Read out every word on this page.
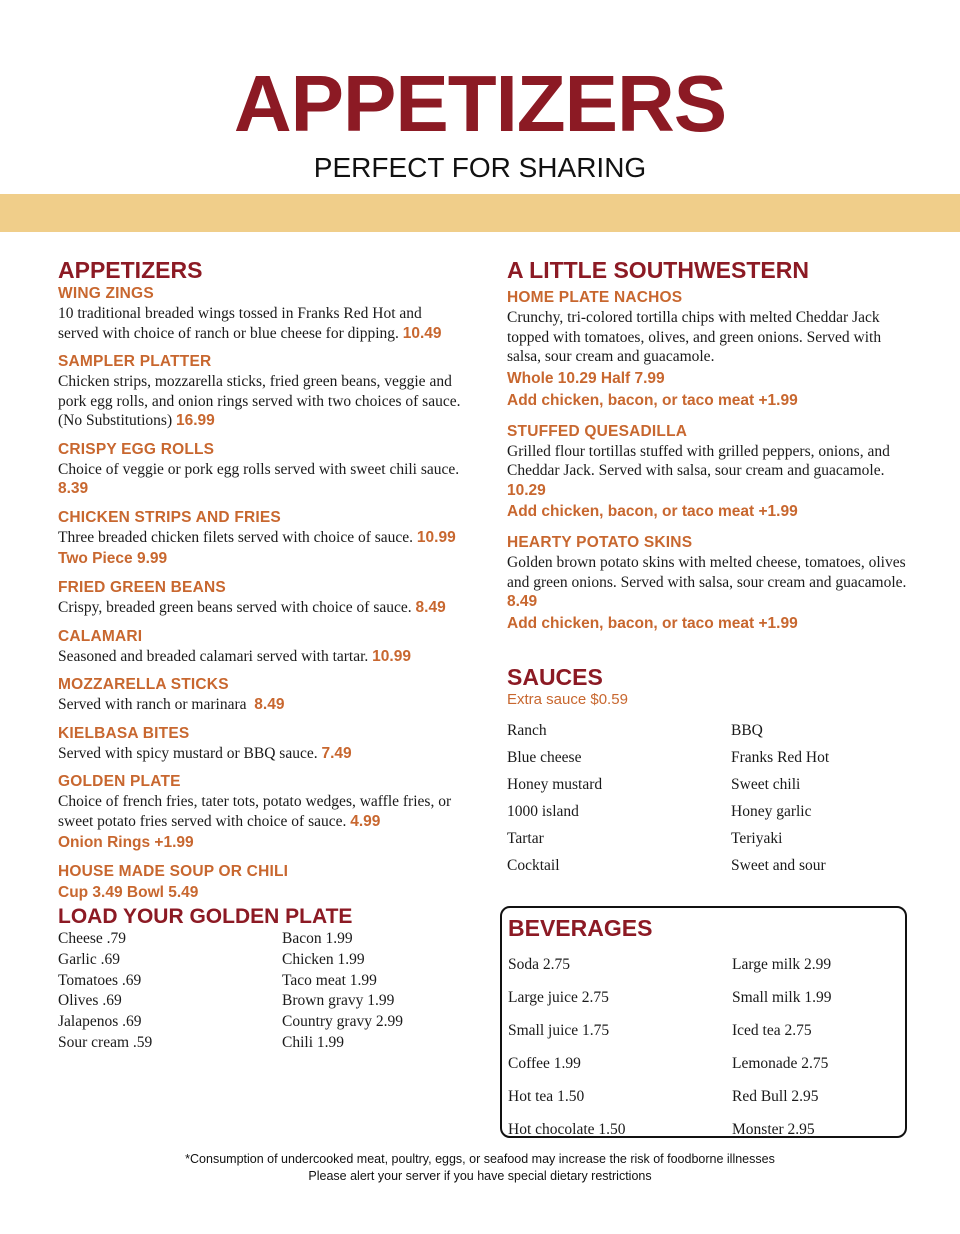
APPETIZERS
PERFECT FOR SHARING
APPETIZERS
WING ZINGS
10 traditional breaded wings tossed in Franks Red Hot and served with choice of ranch or blue cheese for dipping. 10.49
SAMPLER PLATTER
Chicken strips, mozzarella sticks, fried green beans, veggie and pork egg rolls, and onion rings served with two choices of sauce. (No Substitutions) 16.99
CRISPY EGG ROLLS
Choice of veggie or pork egg rolls served with sweet chili sauce. 8.39
CHICKEN STRIPS AND FRIES
Three breaded chicken filets served with choice of sauce. 10.99
Two Piece 9.99
FRIED GREEN BEANS
Crispy, breaded green beans served with choice of sauce. 8.49
CALAMARI
Seasoned and breaded calamari served with tartar. 10.99
MOZZARELLA STICKS
Served with ranch or marinara 8.49
KIELBASA BITES
Served with spicy mustard or BBQ sauce. 7.49
GOLDEN PLATE
Choice of french fries, tater tots, potato wedges, waffle fries, or sweet potato fries served with choice of sauce. 4.99
Onion Rings +1.99
HOUSE MADE SOUP OR CHILI
Cup 3.49 Bowl 5.49
LOAD YOUR GOLDEN PLATE
Cheese .79	Bacon 1.99
Garlic .69	Chicken 1.99
Tomatoes .69	Taco meat 1.99
Olives .69	Brown gravy 1.99
Jalapenos .69	Country gravy 2.99
Sour cream .59	Chili 1.99
A LITTLE SOUTHWESTERN
HOME PLATE NACHOS
Crunchy, tri-colored tortilla chips with melted Cheddar Jack topped with tomatoes, olives, and green onions. Served with salsa, sour cream and guacamole.
Whole 10.29 Half 7.99
Add chicken, bacon, or taco meat +1.99
STUFFED QUESADILLA
Grilled flour tortillas stuffed with grilled peppers, onions, and Cheddar Jack. Served with salsa, sour cream and guacamole. 10.29
Add chicken, bacon, or taco meat +1.99
HEARTY POTATO SKINS
Golden brown potato skins with melted cheese, tomatoes, olives and green onions. Served with salsa, sour cream and guacamole. 8.49
Add chicken, bacon, or taco meat +1.99
SAUCES
Extra sauce $0.59
Ranch	BBQ
Blue cheese	Franks Red Hot
Honey mustard	Sweet chili
1000 island	Honey garlic
Tartar	Teriyaki
Cocktail	Sweet and sour
BEVERAGES
Soda 2.75	Large milk 2.99
Large juice 2.75	Small milk 1.99
Small juice 1.75	Iced tea 2.75
Coffee 1.99	Lemonade 2.75
Hot tea 1.50	Red Bull 2.95
Hot chocolate 1.50	Monster 2.95
*Consumption of undercooked meat, poultry, eggs, or seafood may increase the risk of foodborne illnesses
Please alert your server if you have special dietary restrictions
